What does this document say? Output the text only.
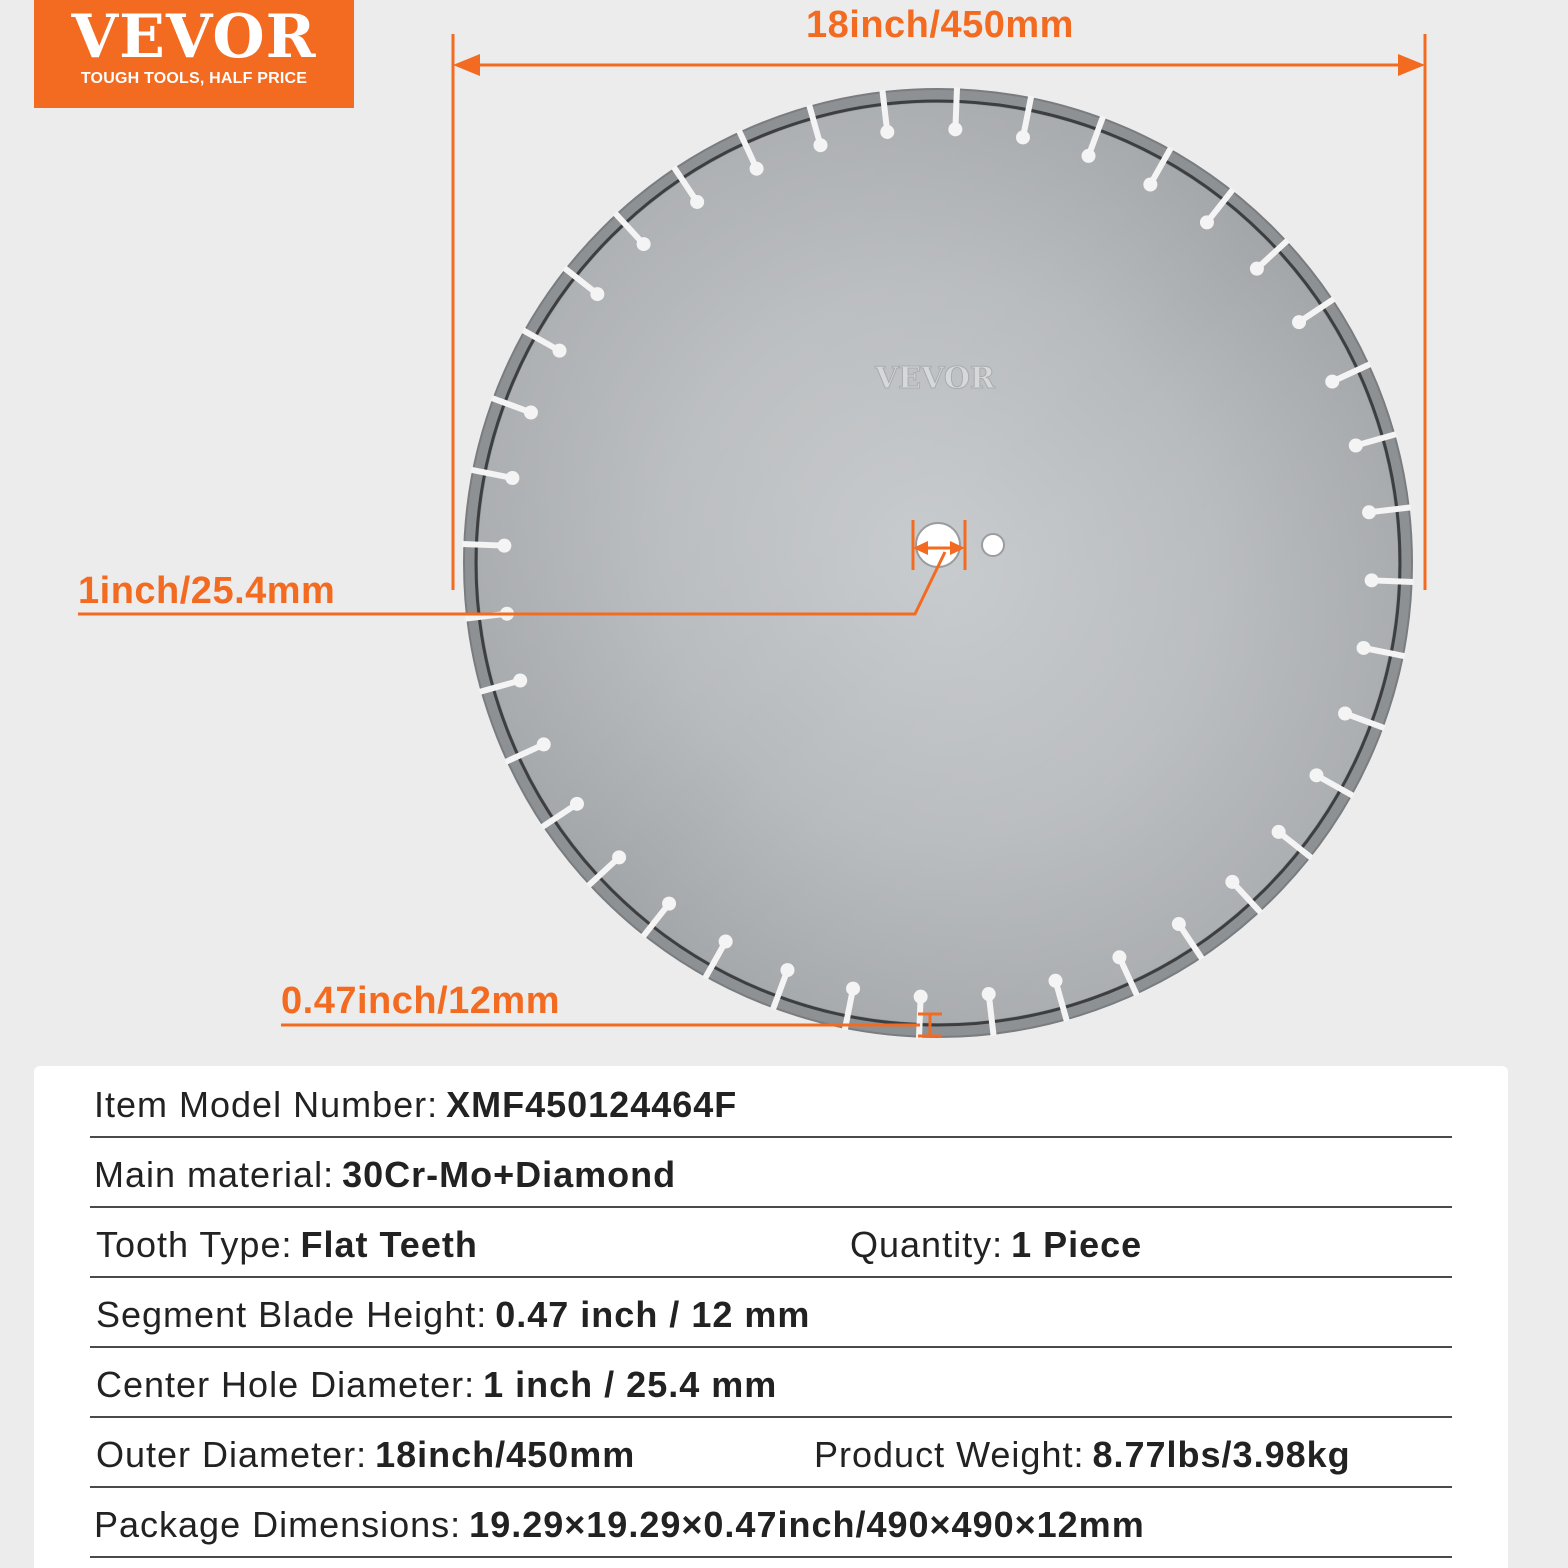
VEVOR
TOUGH TOOLS, HALF PRICE
VEVOR
18inch/450mm
1inch/25.4mm
0.47inch/12mm
Item Model Number: XMF450124464F
Main material: 30Cr-Mo+Diamond
Tooth Type: Flat Teeth	Quantity: 1 Piece
Segment Blade Height: 0.47 inch / 12 mm
Center Hole Diameter: 1 inch / 25.4 mm
Outer Diameter: 18inch/450mm	Product Weight: 8.77lbs/3.98kg
Package Dimensions: 19.29×19.29×0.47inch/490×490×12mm
